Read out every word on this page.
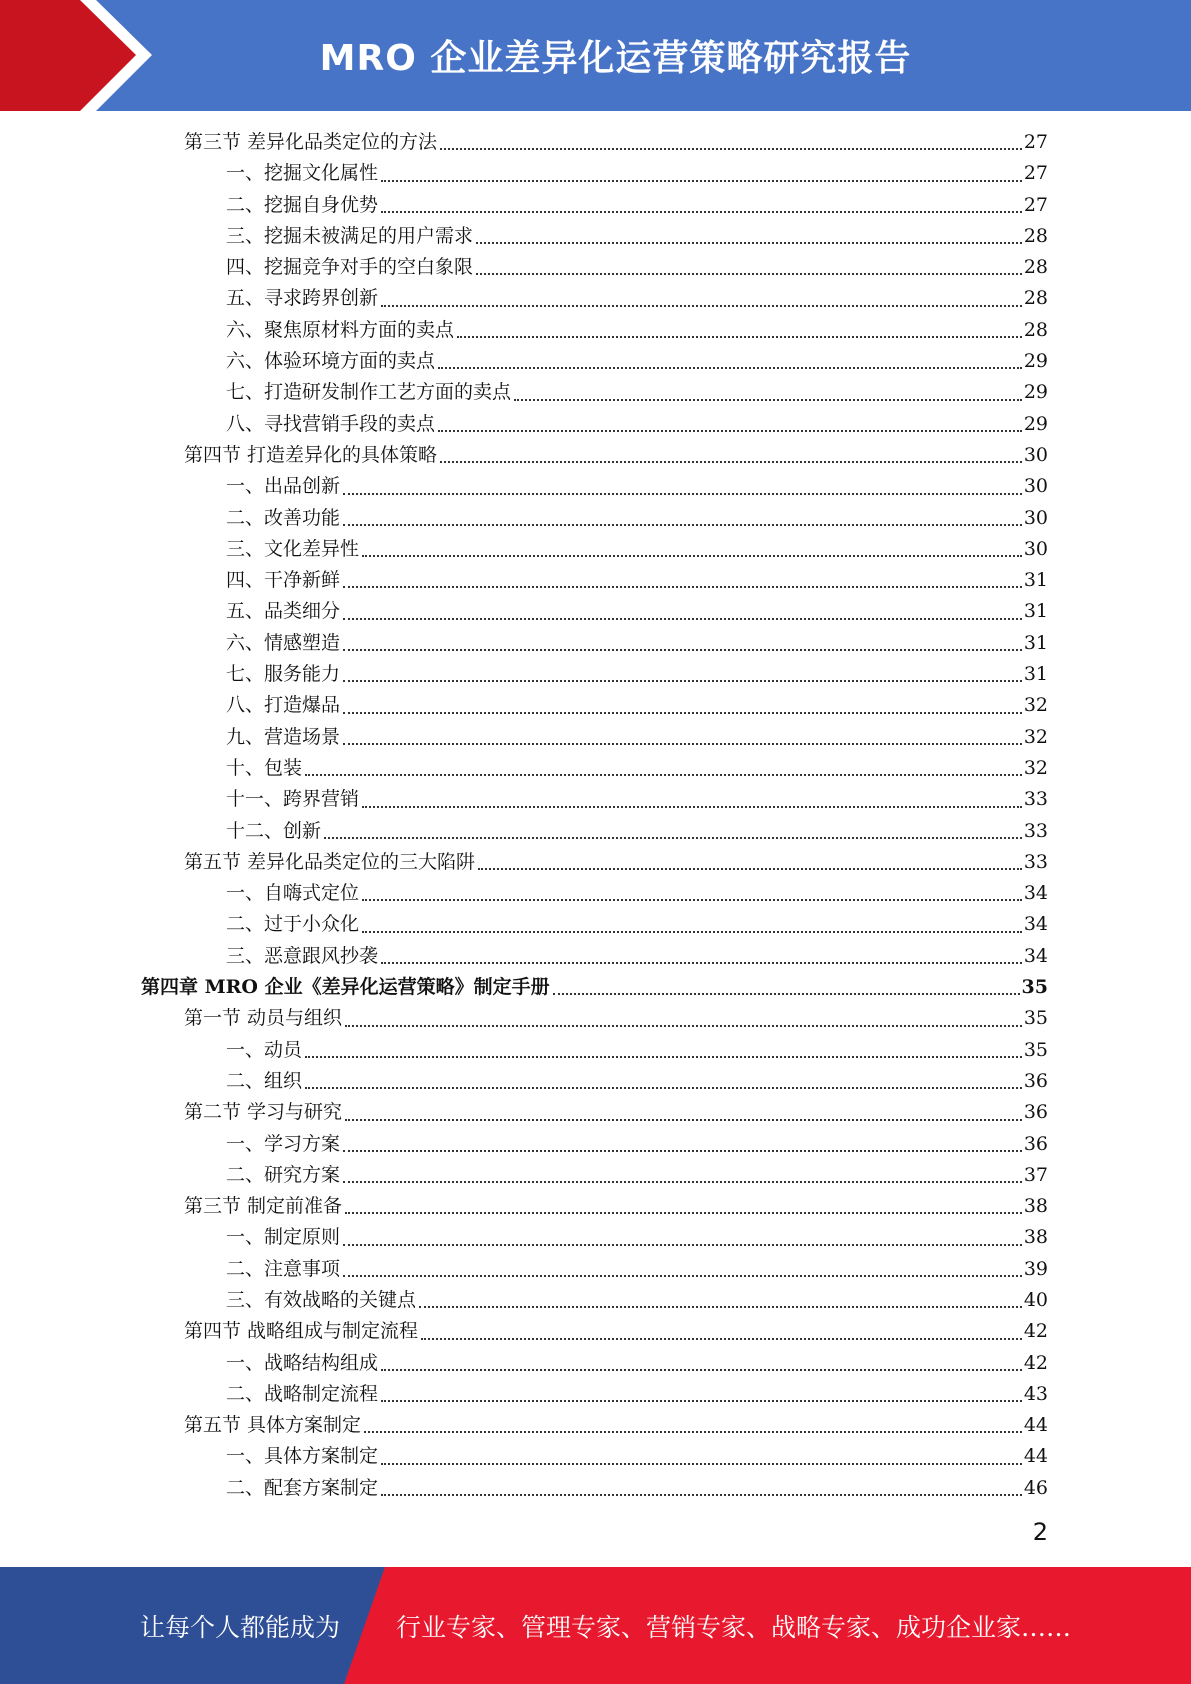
MRO 企业差异化运营策略研究报告
第三节 差异化品类定位的方法	27
一、挖掘文化属性	27
二、挖掘自身优势	27
三、挖掘未被满足的用户需求	28
四、挖掘竞争对手的空白象限	28
五、寻求跨界创新	28
六、聚焦原材料方面的卖点	28
六、体验环境方面的卖点	29
七、打造研发制作工艺方面的卖点	29
八、寻找营销手段的卖点	29
第四节 打造差异化的具体策略	30
一、出品创新	30
二、改善功能	30
三、文化差异性	30
四、干净新鲜	31
五、品类细分	31
六、情感塑造	31
七、服务能力	31
八、打造爆品	32
九、营造场景	32
十、包装	32
十一、跨界营销	33
十二、创新	33
第五节 差异化品类定位的三大陷阱	33
一、自嗨式定位	34
二、过于小众化	34
三、恶意跟风抄袭	34
第四章 MRO 企业《差异化运营策略》制定手册	35
第一节 动员与组织	35
一、动员	35
二、组织	36
第二节 学习与研究	36
一、学习方案	36
二、研究方案	37
第三节 制定前准备	38
一、制定原则	38
二、注意事项	39
三、有效战略的关键点	40
第四节 战略组成与制定流程	42
一、战略结构组成	42
二、战略制定流程	43
第五节 具体方案制定	44
一、具体方案制定	44
二、配套方案制定	46
2
让每个人都能成为 行业专家、管理专家、营销专家、战略专家、成功企业家……
